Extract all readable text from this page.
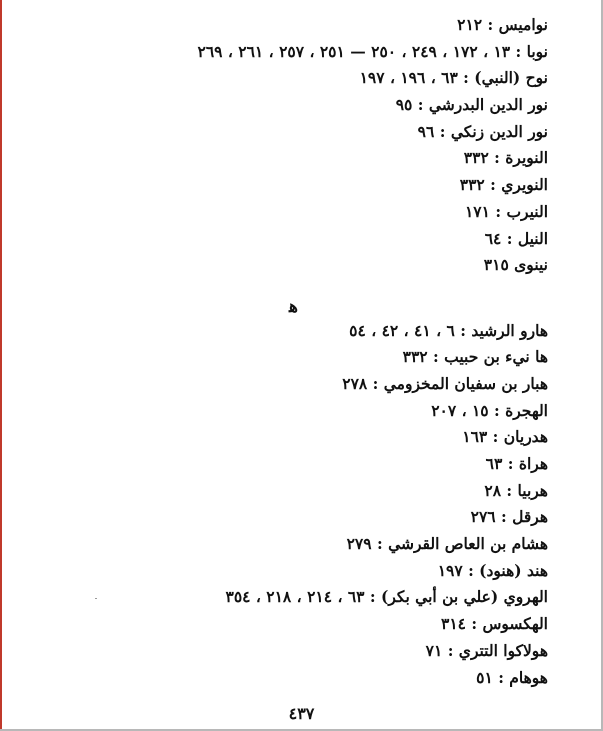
نواميس : ٢١٢
نوبا : ١٣ ، ١٧٢ ، ٢٤٩ ، ٢٥٠ — ٢٥١ ، ٢٥٧ ، ٢٦١ ، ٢٦٩
نوح (النبي) : ٦٣ ، ١٩٦ ، ١٩٧
نور الدين البدرشي : ٩٥
نور الدين زنكي : ٩٦
النويرة : ٣٣٢
النويري : ٣٣٢
النيرب : ١٧١
النيل : ٦٤
نينوى ٣١٥
ﻫ
هارو الرشيد : ٦ ، ٤١ ، ٤٢ ، ٥٤
ها نيء بن حبيب : ٣٣٢
هبار بن سفيان المخزومي : ٢٧٨
الهجرة : ١٥ ، ٢٠٧
هدريان : ١٦٣
هراة : ٦٣
هربيا : ٢٨
هرقل : ٢٧٦
هشام بن العاص القرشي : ٢٧٩
هند (هنود) : ١٩٧
الهروي (علي بن أبي بكر) : ٦٣ ، ٢١٤ ، ٢١٨ ، ٣٥٤
الهكسوس : ٣١٤
هولاكوا التتري : ٧١
هوهام : ٥١
٤٣٧
